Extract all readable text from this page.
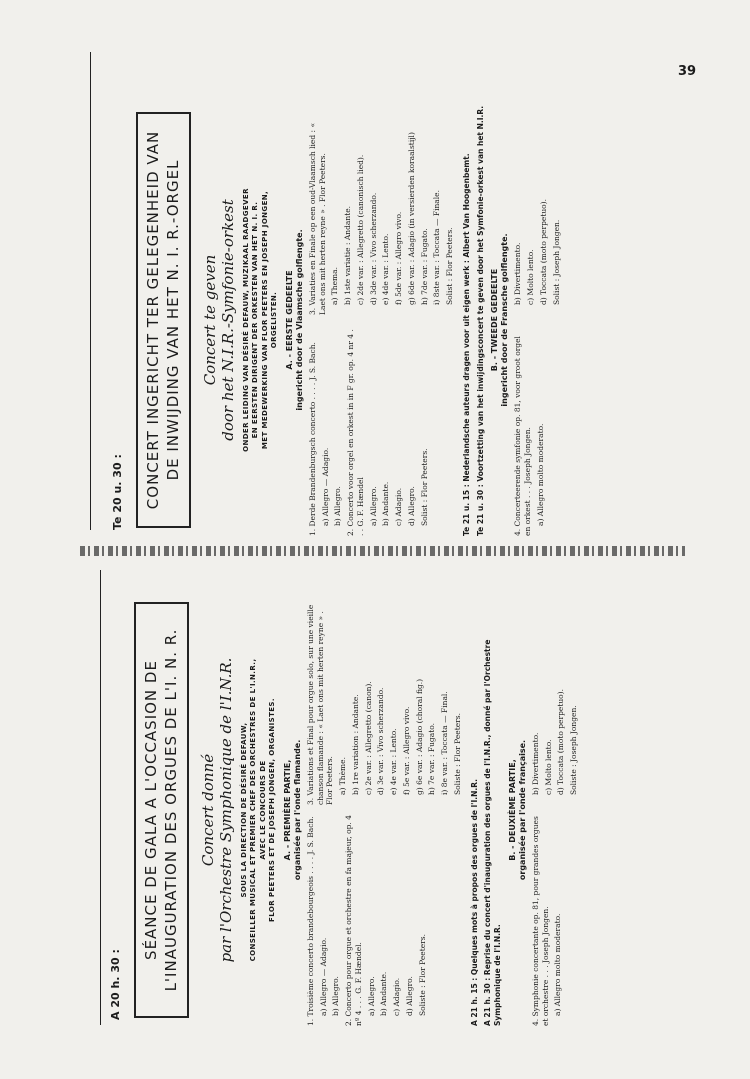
39
Te 20 u. 30 :	CONCERT INGERICHT TER GELEGENHEID VAN DE INWIJDING VAN HET N. I. R.-ORGEL	Concert te geven door het N.I.R.-Symfonie-orkest ONDER LEIDING VAN DÉSIRÉ DEFAUW, MUZIKAAL RAADGEVER EN EERSTEN DIRIGENT DER ORKESTEN VAN HET N. I. R. MET MEDEWERKING VAN FLOR PEETERS EN JOSEPH JONGEN, ORGELISTEN. A. - EERSTE GEDEELTE ingericht door de Vlaamsche golflengte.
1. Derde Brandenburgsch concerto . . . . J. S. Bach. a) Allegro — Adagio. b) Allegro. 2. Concerto voor orgel en orkest in in F gr. op. 4 nr 4 . . . G. F. Hændel a) Allegro. b) Andante. c) Adagio. d) Allegro. Solist : Flor Peeters.
3. Variaties en Finale op een oud-Vlaamsch lied : « Laet ons mit herten reyne » . Flor Peeters. a) Thema. b) 1ste variatie : Andante. c) 2de var. : Allegretto (canonisch lied). d) 3de var. : Vivo scherzando. e) 4de var. : Lento. f) 5de var. : Allegro vivo. g) 6de var. : Adagio (in versierden koraalstijl) h) 7de var. : Fugato. i) 8ste var. : Toccata — Finale. Solist : Flor Peeters. Te 21 u. 15 : Nederlandsche auteurs dragen voor uit eigen werk : Albert Van Hoogenbemt. Te 21 u. 30 : Voortzetting van het inwijdingsconcert te geven door het Symfonie-orkest van het N.I.R. B. - TWEEDE GEDEELTE ingericht door de Fransche golflengte.
4. Concerteerende symfonie op. 81, voor groot orgel en orkest . . . Joseph Jongen. a) Allegro molto moderato.
b) Divertimento. c) Molto lento. d) Toccata (moto perpetuo). Solist : Joseph Jongen.
A 20 h. 30 :
SÉANCE DE GALA A L'OCCASION DE L'INAUGURATION DES ORGUES DE L'I. N. R.	Concert donné par l'Orchestre Symphonique de l'I.N.R. SOUS LA DIRECTION DE DÉSIRÉ DEFAUW, CONSEILLER MUSICAL ET PREMIER CHEF DES ORCHESTRES DE L'I.N.R., AVEC LE CONCOURS DE FLOR PEETERS ET DE JOSEPH JONGEN, ORGANISTES. A. - PREMIÈRE PARTIE, organisée par l'onde flamande.
1. Troisième concerto brandebourgeois . . . . J. S. Bach. a) Allegro — Adagio. b) Allegro. 2. Concerto pour orgue et orchestre en fa majeur, op. 4 nº 4 . . . G. F. Hændel. a) Allegro. b) Andante. c) Adagio. d) Allegro. Soliste : Flor Peeters.
3. Variations et Final pour orgue solo, sur une vieille chanson flamande : « Laet ons mit herten reyne » . Flor Peeters. a) Thème. b) 1re variation : Andante. c) 2e var. : Allegretto (canon). d) 3e var. : Vivo scherzando. e) 4e var. : Lento. f) 5e var. : Allegro vivo. g) 6e var. : Adagio (choral fig.) h) 7e var. : Fugato. i) 8e var. : Toccata — Final. Soliste : Flor Peeters.
A 21 h. 15 : Quelques mots à propos des orgues de l'I.N.R. A 21 h. 30 : Reprise du concert d'inauguration des orgues de l'I.N.R., donné par l'Orchestre Symphonique de l'I.N.R.
B. - DEUXIÈME PARTIE, organisée par l'onde française.
4. Symphonie concertante op. 81, pour grandes orgues et orchestre . . . Joseph Jongen. a) Allegro molto moderato.
b) Divertimento. c) Molto lento. d) Toccata (moto perpetuo). Soliste : Joseph Jongen.
